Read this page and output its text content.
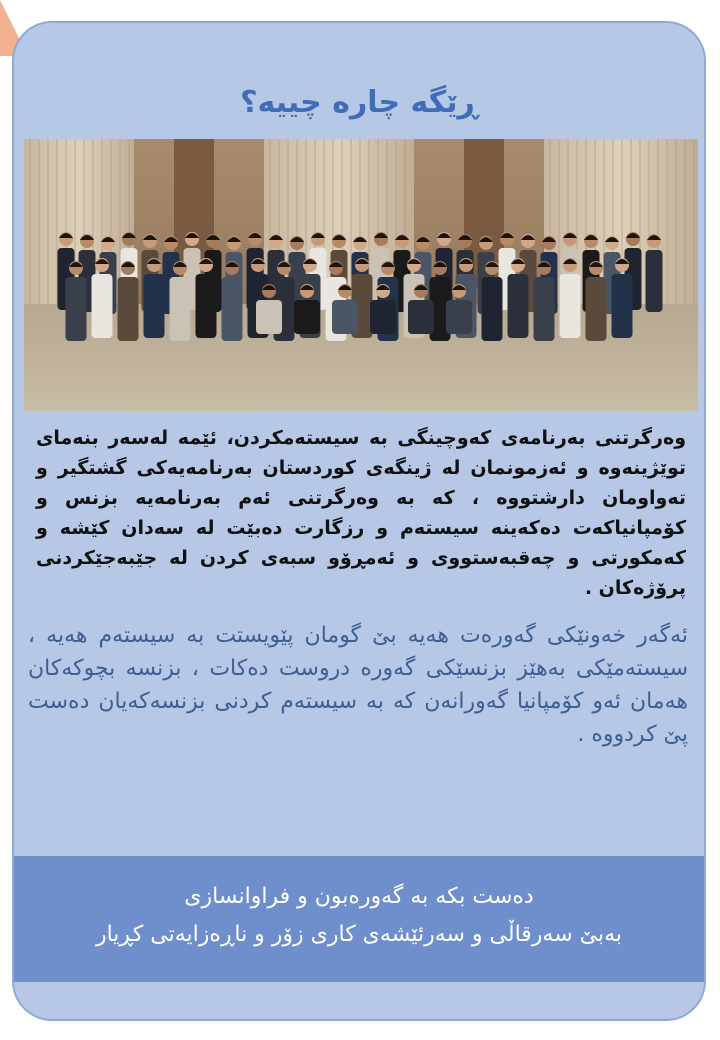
ڕێگە چارە چییە؟

وەرگرتنی بەرنامەی کەوچینگی بە سیستەمکردن، ئێمە لەسەر بنەمای توێژینەوە و ئەزمونمان لە ژینگەی کوردستان بەرنامەیەکی گشتگیر و تەواومان دارشتووە ، کە بە وەرگرتنی ئەم بەرنامەیە بزنس و کۆمپانیاکەت دەکەینە سیستەم و رزگارت دەبێت لە سەدان کێشە و کەمکورتی و چەقبەستووی و ئەمڕۆو سبەی کردن لە جێبەجێکردنی پرۆژەکان .

ئەگەر خەونێکی گەورەت هەیە بێ گومان پێویستت بە سیستەم هەیە ، سیستەمێکی بەهێز بزنسێکی گەورە دروست دەکات ، بزنسە بچوکەکان هەمان ئەو کۆمپانیا گەورانەن کە بە سیستەم کردنی بزنسەکەیان دەست پێ کردووە .

دەست بکە بە گەورەبون و فراوانسازی
بەبێ سەرقاڵی و سەرئێشەی کاری زۆر و ناڕەزایەتی کڕیار
